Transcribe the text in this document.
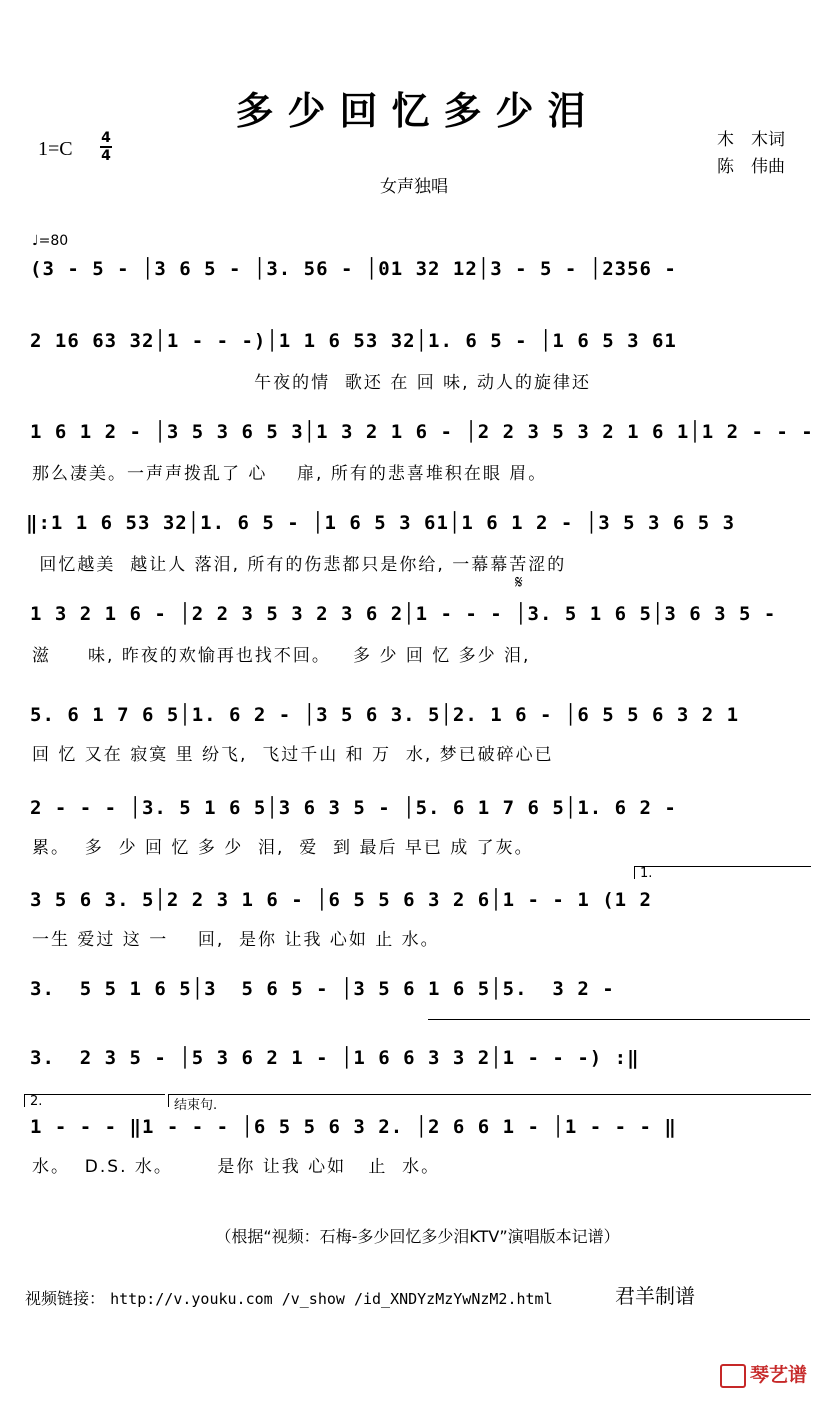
多少回忆多少泪
1=C 4
4
女声独唱
木　木词
陈　伟曲
♩=80
(3 - 5 - │3 6 5 - │3. 56 - │01 32 12│3 - 5 - │2356 -
2 16 63 32│1 - - -)│1 1 6 53 32│1. 6 5 - │1 6 5 3 61
午夜的情  歌还 在 回 味, 动人的旋律还
1 6 1 2 - │3 5 3 6 5 3│1 3 2 1 6 - │2 2 3 5 3 2 1 6 1│1 2 - - -
那么凄美。一声声拨乱了 心    扉, 所有的悲喜堆积在眼 眉。
‖:1 1 6 53 32│1. 6 5 - │1 6 5 3 61│1 6 1 2 - │3 5 3 6 5 3
回忆越美  越让人 落泪, 所有的伤悲都只是你给, 一幕幕苦涩的
𝄋
1 3 2 1 6 - │2 2 3 5 3 2 3 6 2│1 - - - │3. 5 1 6 5│3 6 3 5 -
滋     味, 昨夜的欢愉再也找不回。   多 少 回 忆 多少 泪,
5. 6 1 7 6 5│1. 6 2 - │3 5 6 3. 5│2. 1 6 - │6 5 5 6 3 2 1
回 忆 又在 寂寞 里 纷飞,  飞过千山 和 万  水, 梦已破碎心已
2 - - - │3. 5 1 6 5│3 6 3 5 - │5. 6 1 7 6 5│1. 6 2 -
累。  多  少 回 忆 多 少  泪,  爱  到 最后 早已 成 了灰。
1.
3 5 6 3. 5│2 2 3 1 6 - │6 5 5 6 3 2 6│1 - - 1 (1 2
一生 爱过 这 一    回,  是你 让我 心如 止 水。
3.  5 5 1 6 5│3  5 6 5 - │3 5 6 1 6 5│5.  3 2 -
3.  2 3 5 - │5 3 6 2 1 - │1 6 6 3 3 2│1 - - -) :‖
2.	结束句.
1 - - - ‖1 - - - │6 5 5 6 3 2. │2 6 6 1 - │1 - - - ‖
水。  D.S. 水。      是你 让我 心如   止  水。
（根据“视频：石梅-多少回忆多少泪KTV”演唱版本记谱）
视频链接： http://v.youku.com /v_show /id_XNDYzMzYwNzM2.html	君羊制谱
琴艺谱
